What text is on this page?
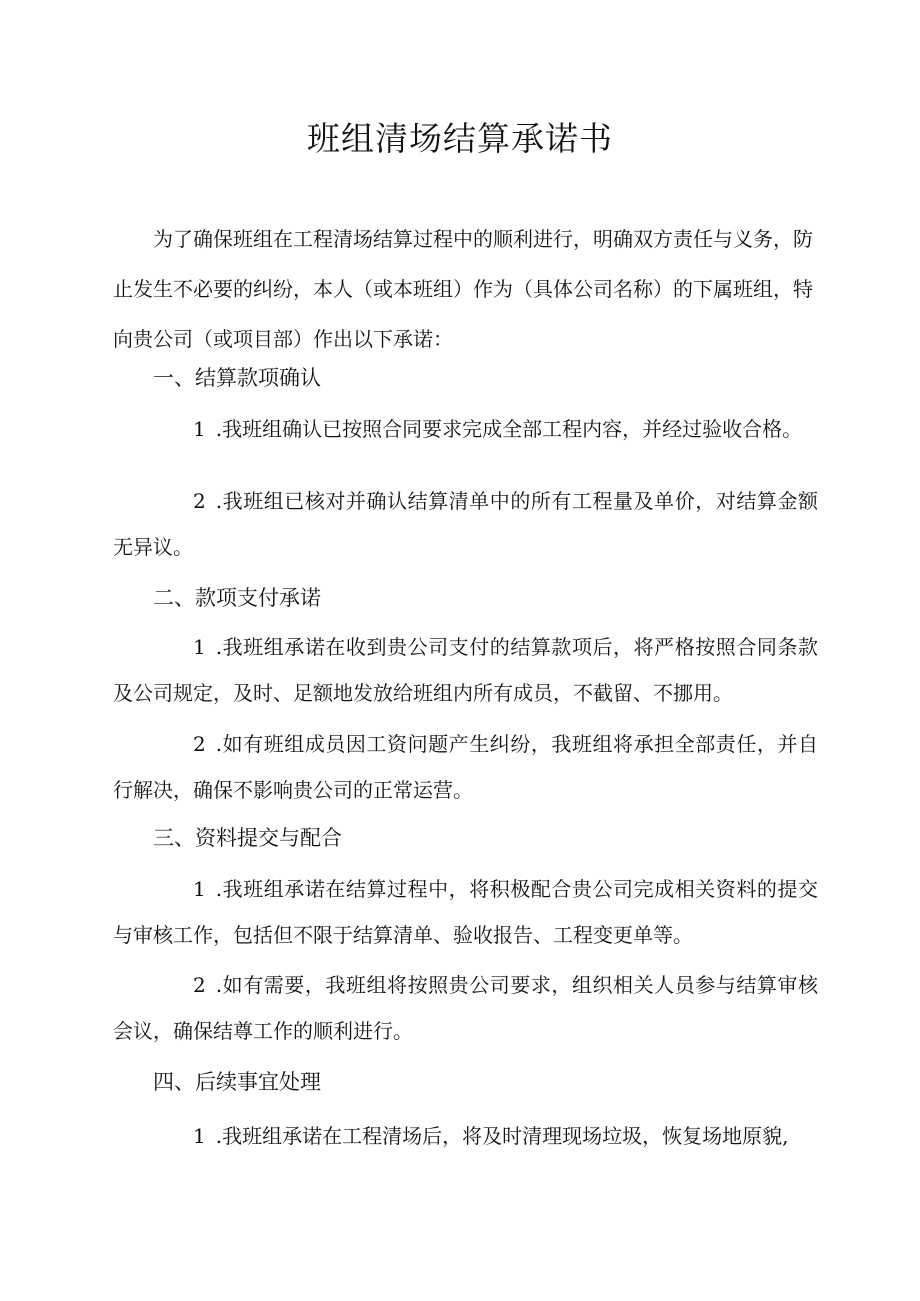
班组清场结算承诺书

为了确保班组在工程清场结算过程中的顺利进行，明确双方责任与义务，防止发生不必要的纠纷，本人（或本班组）作为（具体公司名称）的下属班组，特向贵公司（或项目部）作出以下承诺：

一、结算款项确认

1 .我班组确认已按照合同要求完成全部工程内容，并经过验收合格。

2 .我班组已核对并确认结算清单中的所有工程量及单价，对结算金额无异议。

二、款项支付承诺

1 .我班组承诺在收到贵公司支付的结算款项后，将严格按照合同条款及公司规定，及时、足额地发放给班组内所有成员，不截留、不挪用。

2 .如有班组成员因工资问题产生纠纷，我班组将承担全部责任，并自行解决，确保不影响贵公司的正常运营。

三、资料提交与配合

1 .我班组承诺在结算过程中，将积极配合贵公司完成相关资料的提交与审核工作，包括但不限于结算清单、验收报告、工程变更单等。

2 .如有需要，我班组将按照贵公司要求，组织相关人员参与结算审核会议，确保结尊工作的顺利进行。

四、后续事宜处理

1 .我班组承诺在工程清场后，将及时清理现场垃圾，恢复场地原貌,
